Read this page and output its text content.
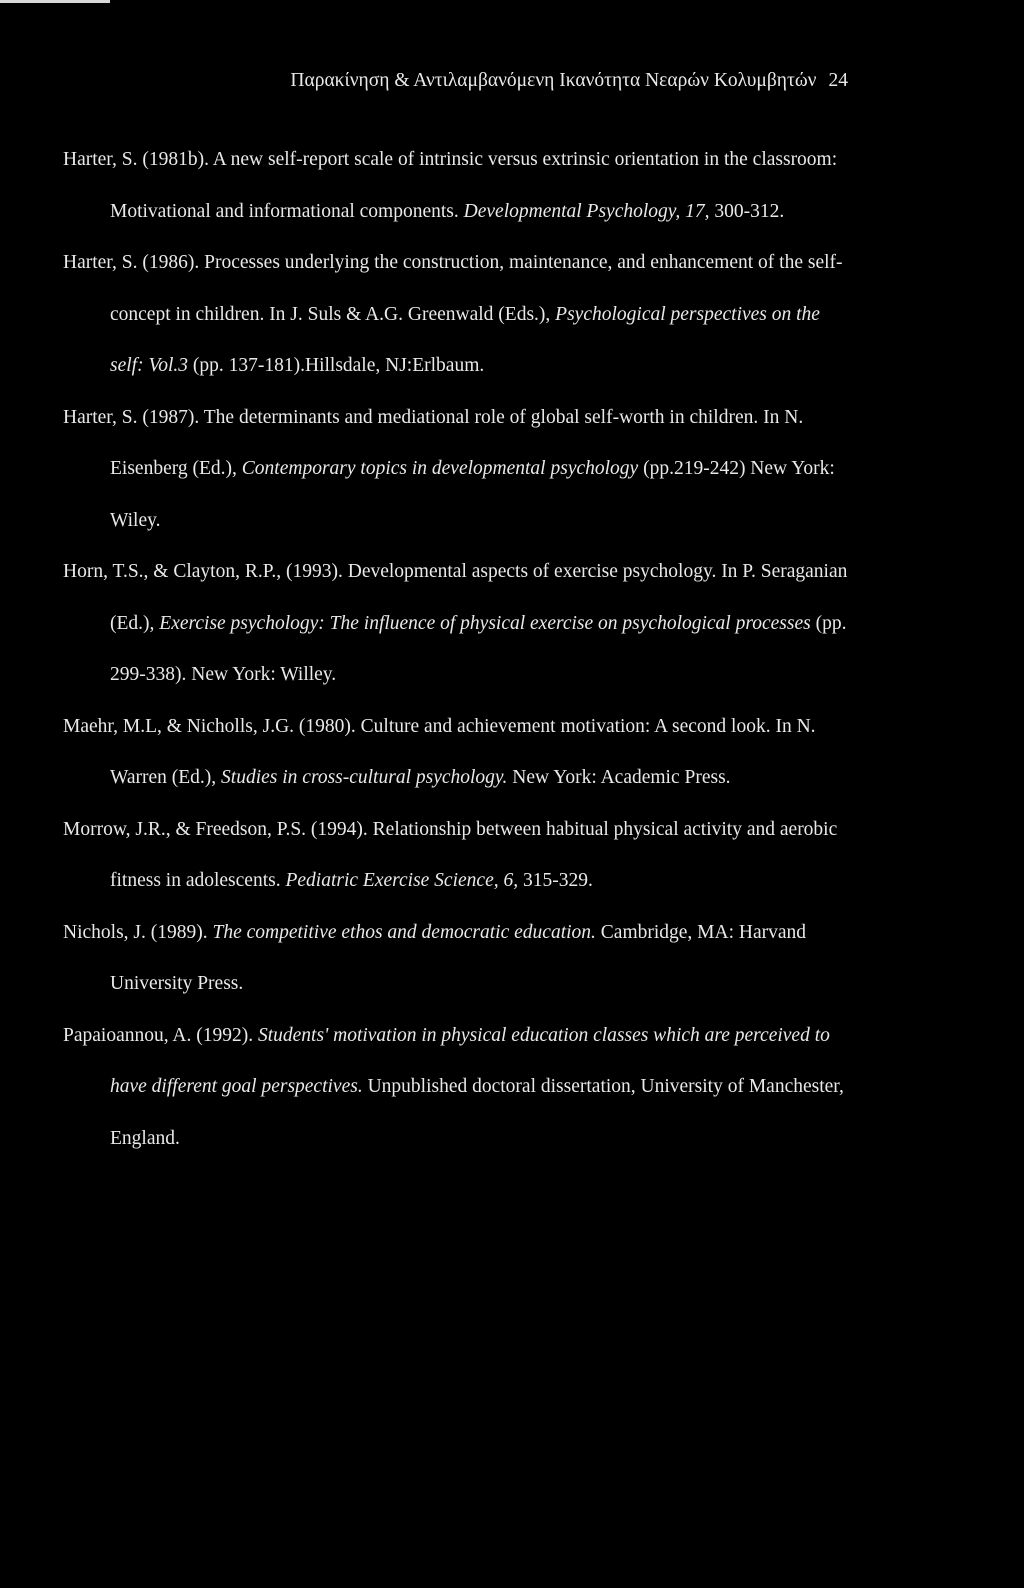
Παρακίνηση & Αντιλαμβανόμενη Ικανότητα Νεαρών Κολυμβητών 24

Harter, S. (1981b). A new self-report scale of intrinsic versus extrinsic orientation in the classroom: Motivational and informational components. Developmental Psychology, 17, 300-312.

Harter, S. (1986). Processes underlying the construction, maintenance, and enhancement of the self-concept in children. In J. Suls & A.G. Greenwald (Eds.), Psychological perspectives on the self: Vol.3 (pp. 137-181).Hillsdale, NJ:Erlbaum.

Harter, S. (1987). The determinants and mediational role of global self-worth in children. In N. Eisenberg (Ed.), Contemporary topics in developmental psychology (pp.219-242) New York: Wiley.

Horn, T.S., & Clayton, R.P., (1993). Developmental aspects of exercise psychology. In P. Seraganian (Ed.), Exercise psychology: The influence of physical exercise on psychological processes (pp. 299-338). New York: Willey.

Maehr, M.L, & Nicholls, J.G. (1980). Culture and achievement motivation: A second look. In N. Warren (Ed.), Studies in cross-cultural psychology. New York: Academic Press.

Morrow, J.R., & Freedson, P.S. (1994). Relationship between habitual physical activity and aerobic fitness in adolescents. Pediatric Exercise Science, 6, 315-329.

Nichols, J. (1989). The competitive ethos and democratic education. Cambridge, MA: Harvand University Press.

Papaioannou, A. (1992). Students' motivation in physical education classes which are perceived to have different goal perspectives. Unpublished doctoral dissertation, University of Manchester, England.
